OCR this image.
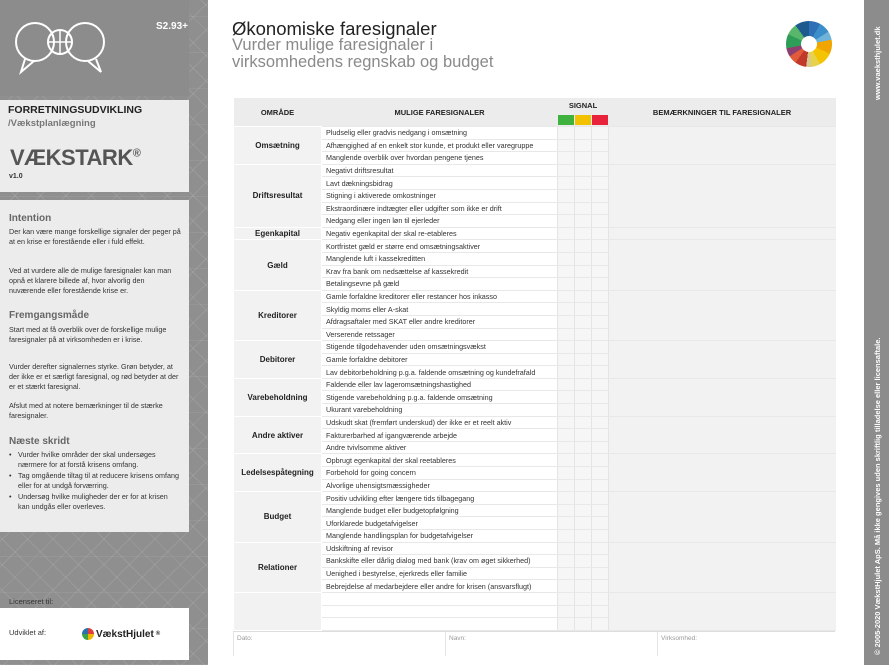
S2.93+
FORRETNINGSUDVIKLING
/Vækstplanlægning
VÆKSTARK®
v1.0
Intention

Der kan være mange forskellige signaler der peger på at en krise er forestående eller i fuld effekt.

Ved at vurdere alle de mulige faresignaler kan man opnå et klarere billede af, hvor alvorlig den nuværende eller forestående krise er.

Fremgangsmåde

Start med at få overblik over de forskellige mulige faresignaler på at virksomheden er i krise.

Vurder derefter signalernes styrke. Grøn betyder, at der ikke er et særligt faresignal, og rød betyder at der er et stærkt faresignal.

Afslut med at notere bemærkninger til de stærke faresignaler.

Næste skridt
• Vurder hvilke områder der skal undersøges nærmere for at forstå krisens omfang.
• Tag omgående tiltag til at reducere krisens omfang eller for at undgå forværring.
• Undersøg hvilke muligheder der er for at krisen kan undgås eller overleves.
Licenseret til:
Udviklet af:	VækstHjulet ®
www.vaeksthjulet.dk
© 2005-2020 VækstHjulet ApS. Må ikke gengives uden skriftlig tilladelse eller licensaftale.
Økonomiske faresignaler

Vurder mulige faresignaler i virksomhedens regnskab og budget

OMRÅDE	MULIGE FARESIGNALER	SIGNAL			BEMÆRKNINGER TIL FARESIGNALER
Omsætning	Pludselig eller gradvis nedgang i omsætning				
	Afhængighed af en enkelt stor kunde, et produkt eller varegruppe				
	Manglende overblik over hvordan pengene tjenes				
Driftsresultat	Negativt driftsresultat				
	Lavt dækningsbidrag				
	Stigning i aktiverede omkostninger				
	Ekstraordinære indtægter eller udgifter som ikke er drift				
	Nedgang eller ingen løn til ejerleder				
Egenkapital	Negativ egenkapital der skal re-etableres				
Gæld	Kortfristet gæld er større end omsætningsaktiver				
	Manglende luft i kassekreditten				
	Krav fra bank om nedsættelse af kassekredit				
	Betalingsevne på gæld				
Kreditorer	Gamle forfaldne kreditorer eller restancer hos inkasso				
	Skyldig moms eller A-skat				
	Afdragsaftaler med SKAT eller andre kreditorer				
	Verserende retssager				
Debitorer	Stigende tilgodehavender uden omsætningsvækst				
	Gamle forfaldne debitorer				
	Lav debitorbeholdning p.g.a. faldende omsætning og kundefrafald				
Varebeholdning	Faldende eller lav lageromsætningshastighed				
	Stigende varebeholdning p.g.a. faldende omsætning				
	Ukurant varebeholdning				
Andre aktiver	Udskudt skat (fremført underskud) der ikke er et reelt aktiv				
	Fakturerbarhed af igangværende arbejde				
	Andre tvivlsomme aktiver				
Ledelsespåtegning	Opbrugt egenkapital der skal reetableres				
	Forbehold for going concern				
	Alvorlige uhensigtsmæssigheder				
Budget	Positiv udvikling efter længere tids tilbagegang				
	Manglende budget eller budgetopfølgning				
	Uforklarede budgetafvigelser				
	Manglende handlingsplan for budgetafvigelser				
Relationer	Udskiftning af revisor				
	Bankskifte eller dårlig dialog med bank (krav om øget sikkerhed)				
	Uenighed i bestyrelse, ejerkreds eller familie				
	Bebrejdelse af medarbejdere eller andre for krisen (ansvarsflugt)				

Dato:	Navn:	Virksomhed:
